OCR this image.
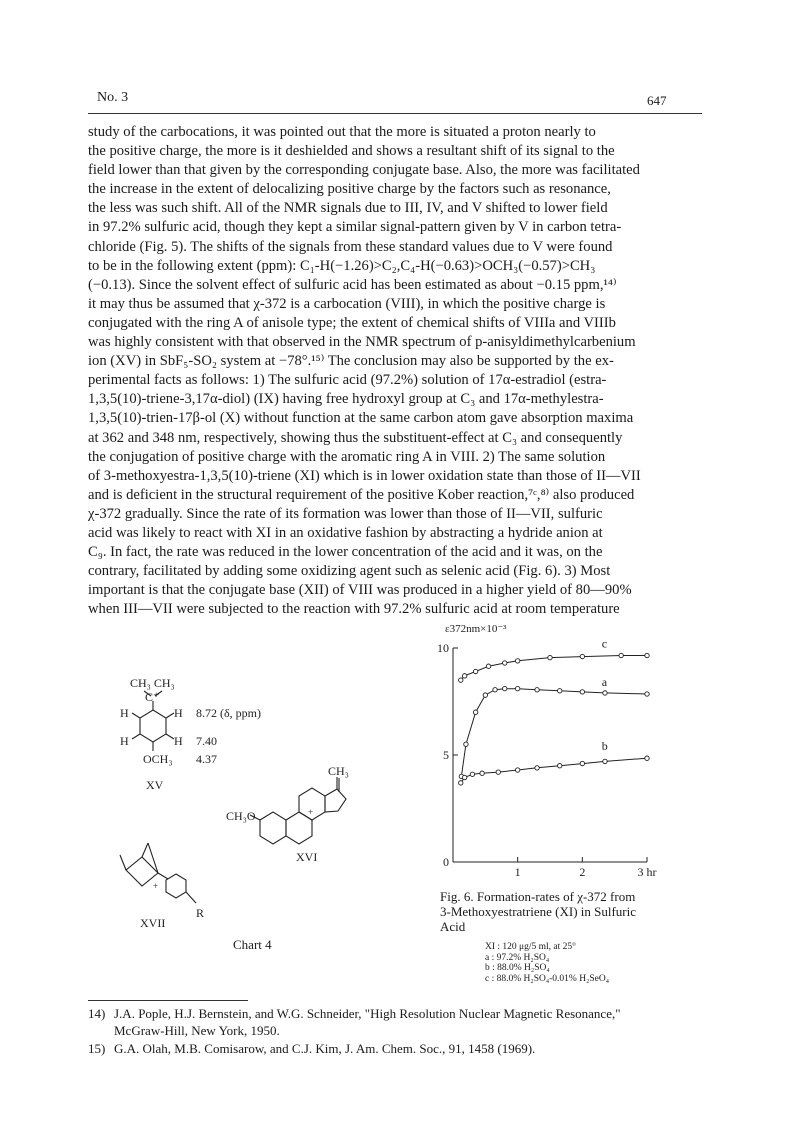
No. 3	647
study of the carbocations, it was pointed out that the more is situated a proton nearly to
the positive charge, the more is it deshielded and shows a resultant shift of its signal to the
field lower than that given by the corresponding conjugate base. Also, the more was facilitated
the increase in the extent of delocalizing positive charge by the factors such as resonance,
the less was such shift. All of the NMR signals due to III, IV, and V shifted to lower field
in 97.2% sulfuric acid, though they kept a similar signal-pattern given by V in carbon tetra-
chloride (Fig. 5). The shifts of the signals from these standard values due to V were found
to be in the following extent (ppm): C₁-H(−1.26)>C₂,C₄-H(−0.63)>OCH₃(−0.57)>CH₃
(−0.13). Since the solvent effect of sulfuric acid has been estimated as about −0.15 ppm,¹⁴⁾
it may thus be assumed that χ-372 is a carbocation (VIII), in which the positive charge is
conjugated with the ring A of anisole type; the extent of chemical shifts of VIIIa and VIIIb
was highly consistent with that observed in the NMR spectrum of p-anisyldimethylcarbenium
ion (XV) in SbF₅-SO₂ system at −78°.¹⁵⁾ The conclusion may also be supported by the ex-
perimental facts as follows: 1) The sulfuric acid (97.2%) solution of 17α-estradiol (estra-
1,3,5(10)-triene-3,17α-diol) (IX) having free hydroxyl group at C₃ and 17α-methylestra-
1,3,5(10)-trien-17β-ol (X) without function at the same carbon atom gave absorption maxima
at 362 and 348 nm, respectively, showing thus the substituent-effect at C₃ and consequently
the conjugation of positive charge with the aromatic ring A in VIII. 2) The same solution
of 3-methoxyestra-1,3,5(10)-triene (XI) which is in lower oxidation state than those of II—VII
and is deficient in the structural requirement of the positive Kober reaction,⁷ᶜ,⁸⁾ also produced
χ-372 gradually. Since the rate of its formation was lower than those of II—VII, sulfuric
acid was likely to react with XI in an oxidative fashion by abstracting a hydride anion at
C₉. In fact, the rate was reduced in the lower concentration of the acid and it was, on the
contrary, facilitated by adding some oxidizing agent such as selenic acid (Fig. 6). 3) Most
important is that the conjugate base (XII) of VIII was produced in a higher yield of 80—90%
when III—VII were subjected to the reaction with 97.2% sulfuric acid at room temperature
CH₃ CH₃
C⁺
H	H
H	H
OCH₃
8.72 (δ, ppm)
7.40
4.37
XV
CH₃
CH₃O	+
XVI
+
R
XVII
Chart 4
ε372nm×10⁻³
0
5
10
1	2	3 hr
c
a
b
Fig. 6. Formation-rates of χ-372 from
3-Methoxyestratriene (XI) in Sulfuric
Acid
XI : 120 μg/5 ml, at 25°
a : 97.2% H₂SO₄
b : 88.0% H₂SO₄
c : 88.0% H₂SO₄-0.01% H₂SeO₄
14) J.A. Pople, H.J. Bernstein, and W.G. Schneider, "High Resolution Nuclear Magnetic Resonance,"
McGraw-Hill, New York, 1950.
15) G.A. Olah, M.B. Comisarow, and C.J. Kim, J. Am. Chem. Soc., 91, 1458 (1969).
